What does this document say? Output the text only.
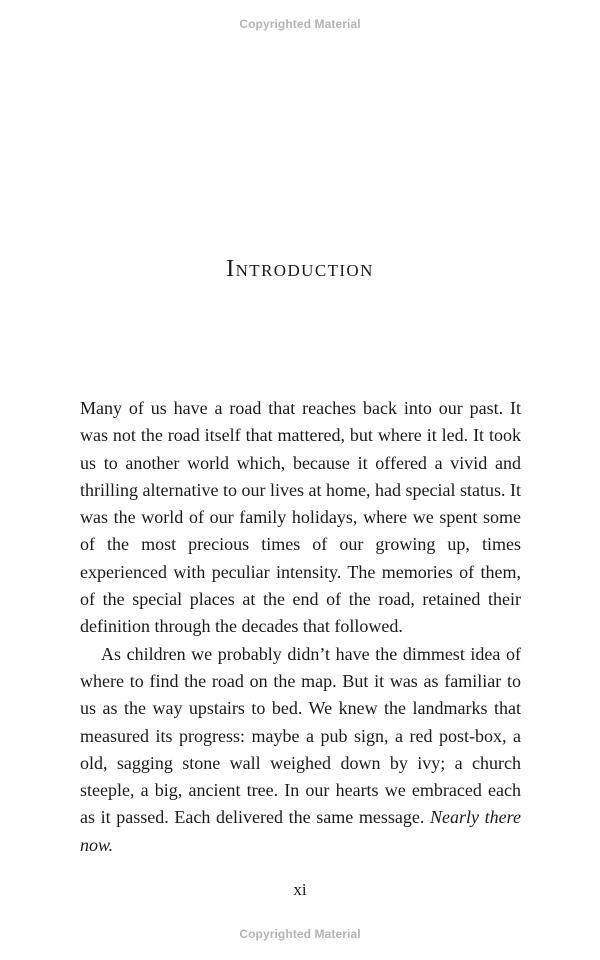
Copyrighted Material
Introduction

Many of us have a road that reaches back into our past. It was not the road itself that mattered, but where it led. It took us to another world which, because it offered a vivid and thrilling alternative to our lives at home, had special status. It was the world of our family holidays, where we spent some of the most precious times of our growing up, times experienced with peculiar intensity. The memories of them, of the special places at the end of the road, retained their definition through the decades that followed.

As children we probably didn’t have the dimmest idea of where to find the road on the map. But it was as familiar to us as the way upstairs to bed. We knew the landmarks that measured its progress: maybe a pub sign, a red post-box, a old, sagging stone wall weighed down by ivy; a church steeple, a big, ancient tree. In our hearts we embraced each as it passed. Each delivered the same message. Nearly there now.

xi
Copyrighted Material
